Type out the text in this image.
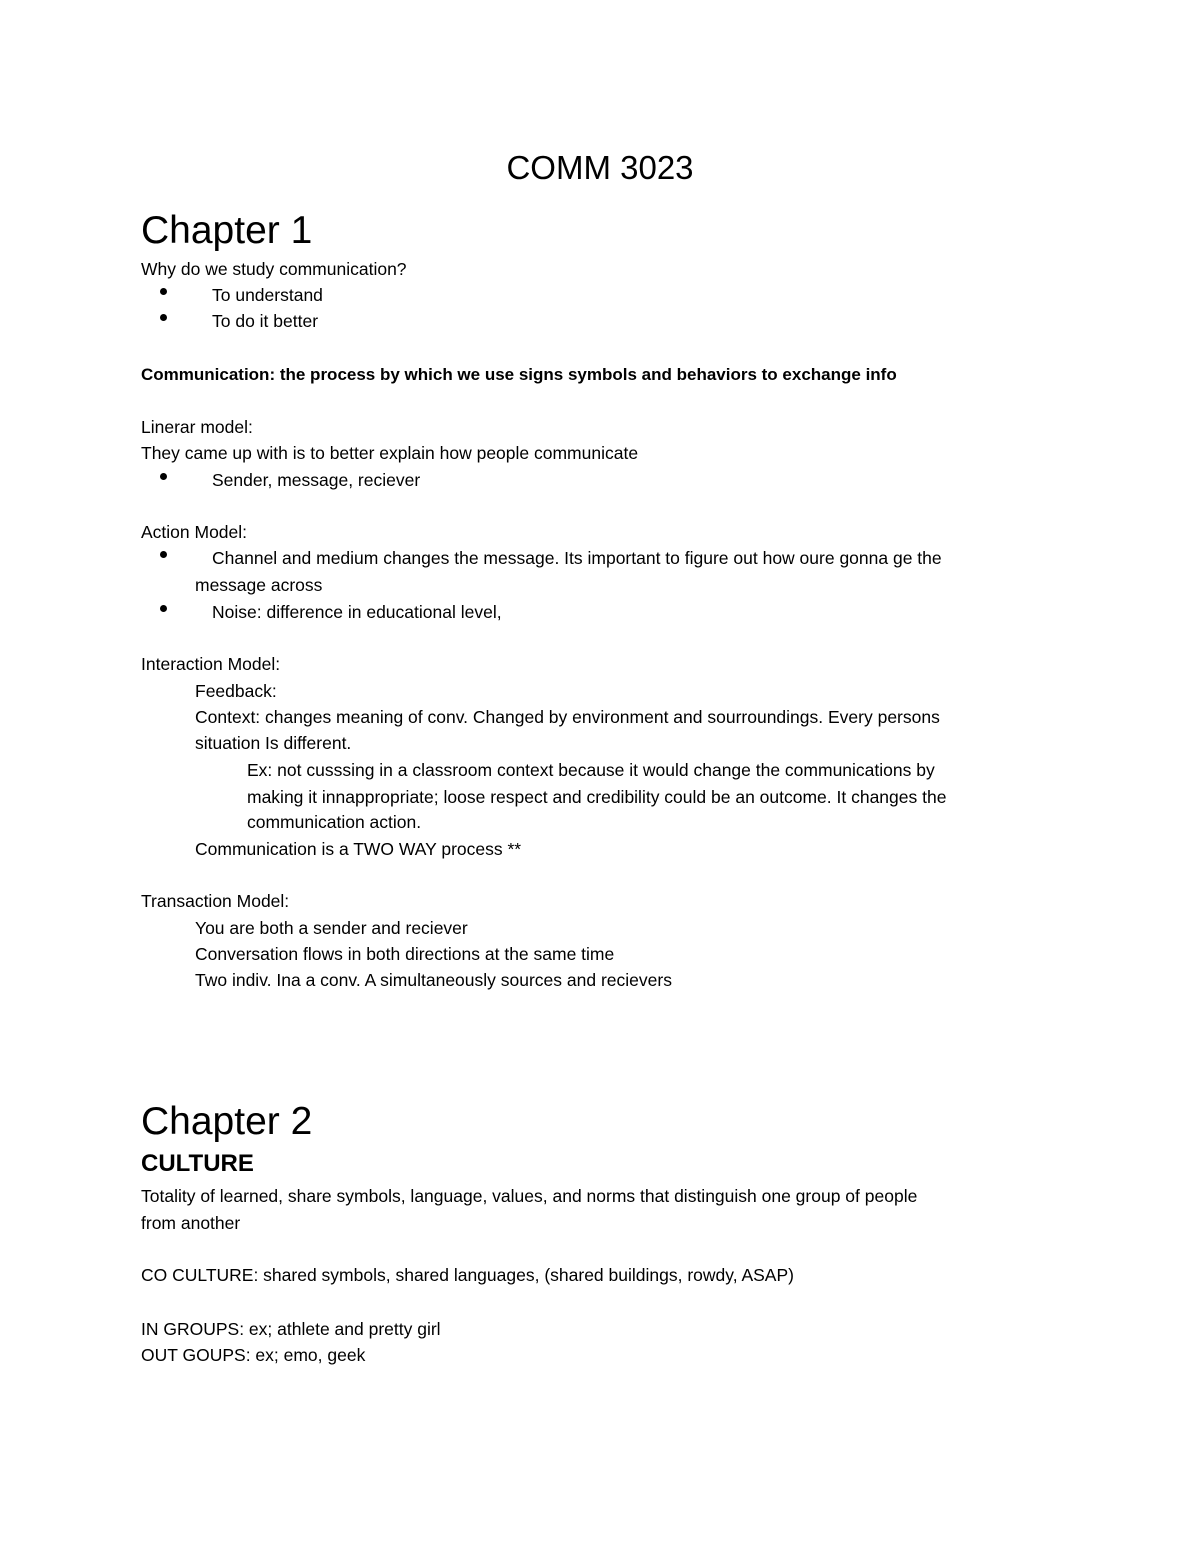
COMM 3023
Chapter 1
Why do we study communication?
To understand
To do it better
Communication: the process by which we use signs symbols and behaviors to exchange info
Linerar model:
They came up with is to better explain how people communicate
Sender, message, reciever
Action Model:
Channel and medium changes the message. Its important to figure out how oure gonna ge the
message across
Noise: difference in educational level,
Interaction Model:
Feedback:
Context: changes meaning of conv. Changed by environment and sourroundings. Every persons
situation Is different.
Ex: not cusssing in a classroom context because it would change the communications by
making it innappropriate; loose respect and credibility could be an outcome. It changes the
communication action.
Communication is a TWO WAY process **
Transaction Model:
You are both a sender and reciever
Conversation flows in both directions at the same time
Two indiv. Ina a conv. A simultaneously sources and recievers
Chapter 2
CULTURE
Totality of learned, share symbols, language, values, and norms that distinguish one group of people
from another
CO CULTURE: shared symbols, shared languages, (shared buildings, rowdy, ASAP)
IN GROUPS: ex; athlete and pretty girl
OUT GOUPS: ex; emo, geek
